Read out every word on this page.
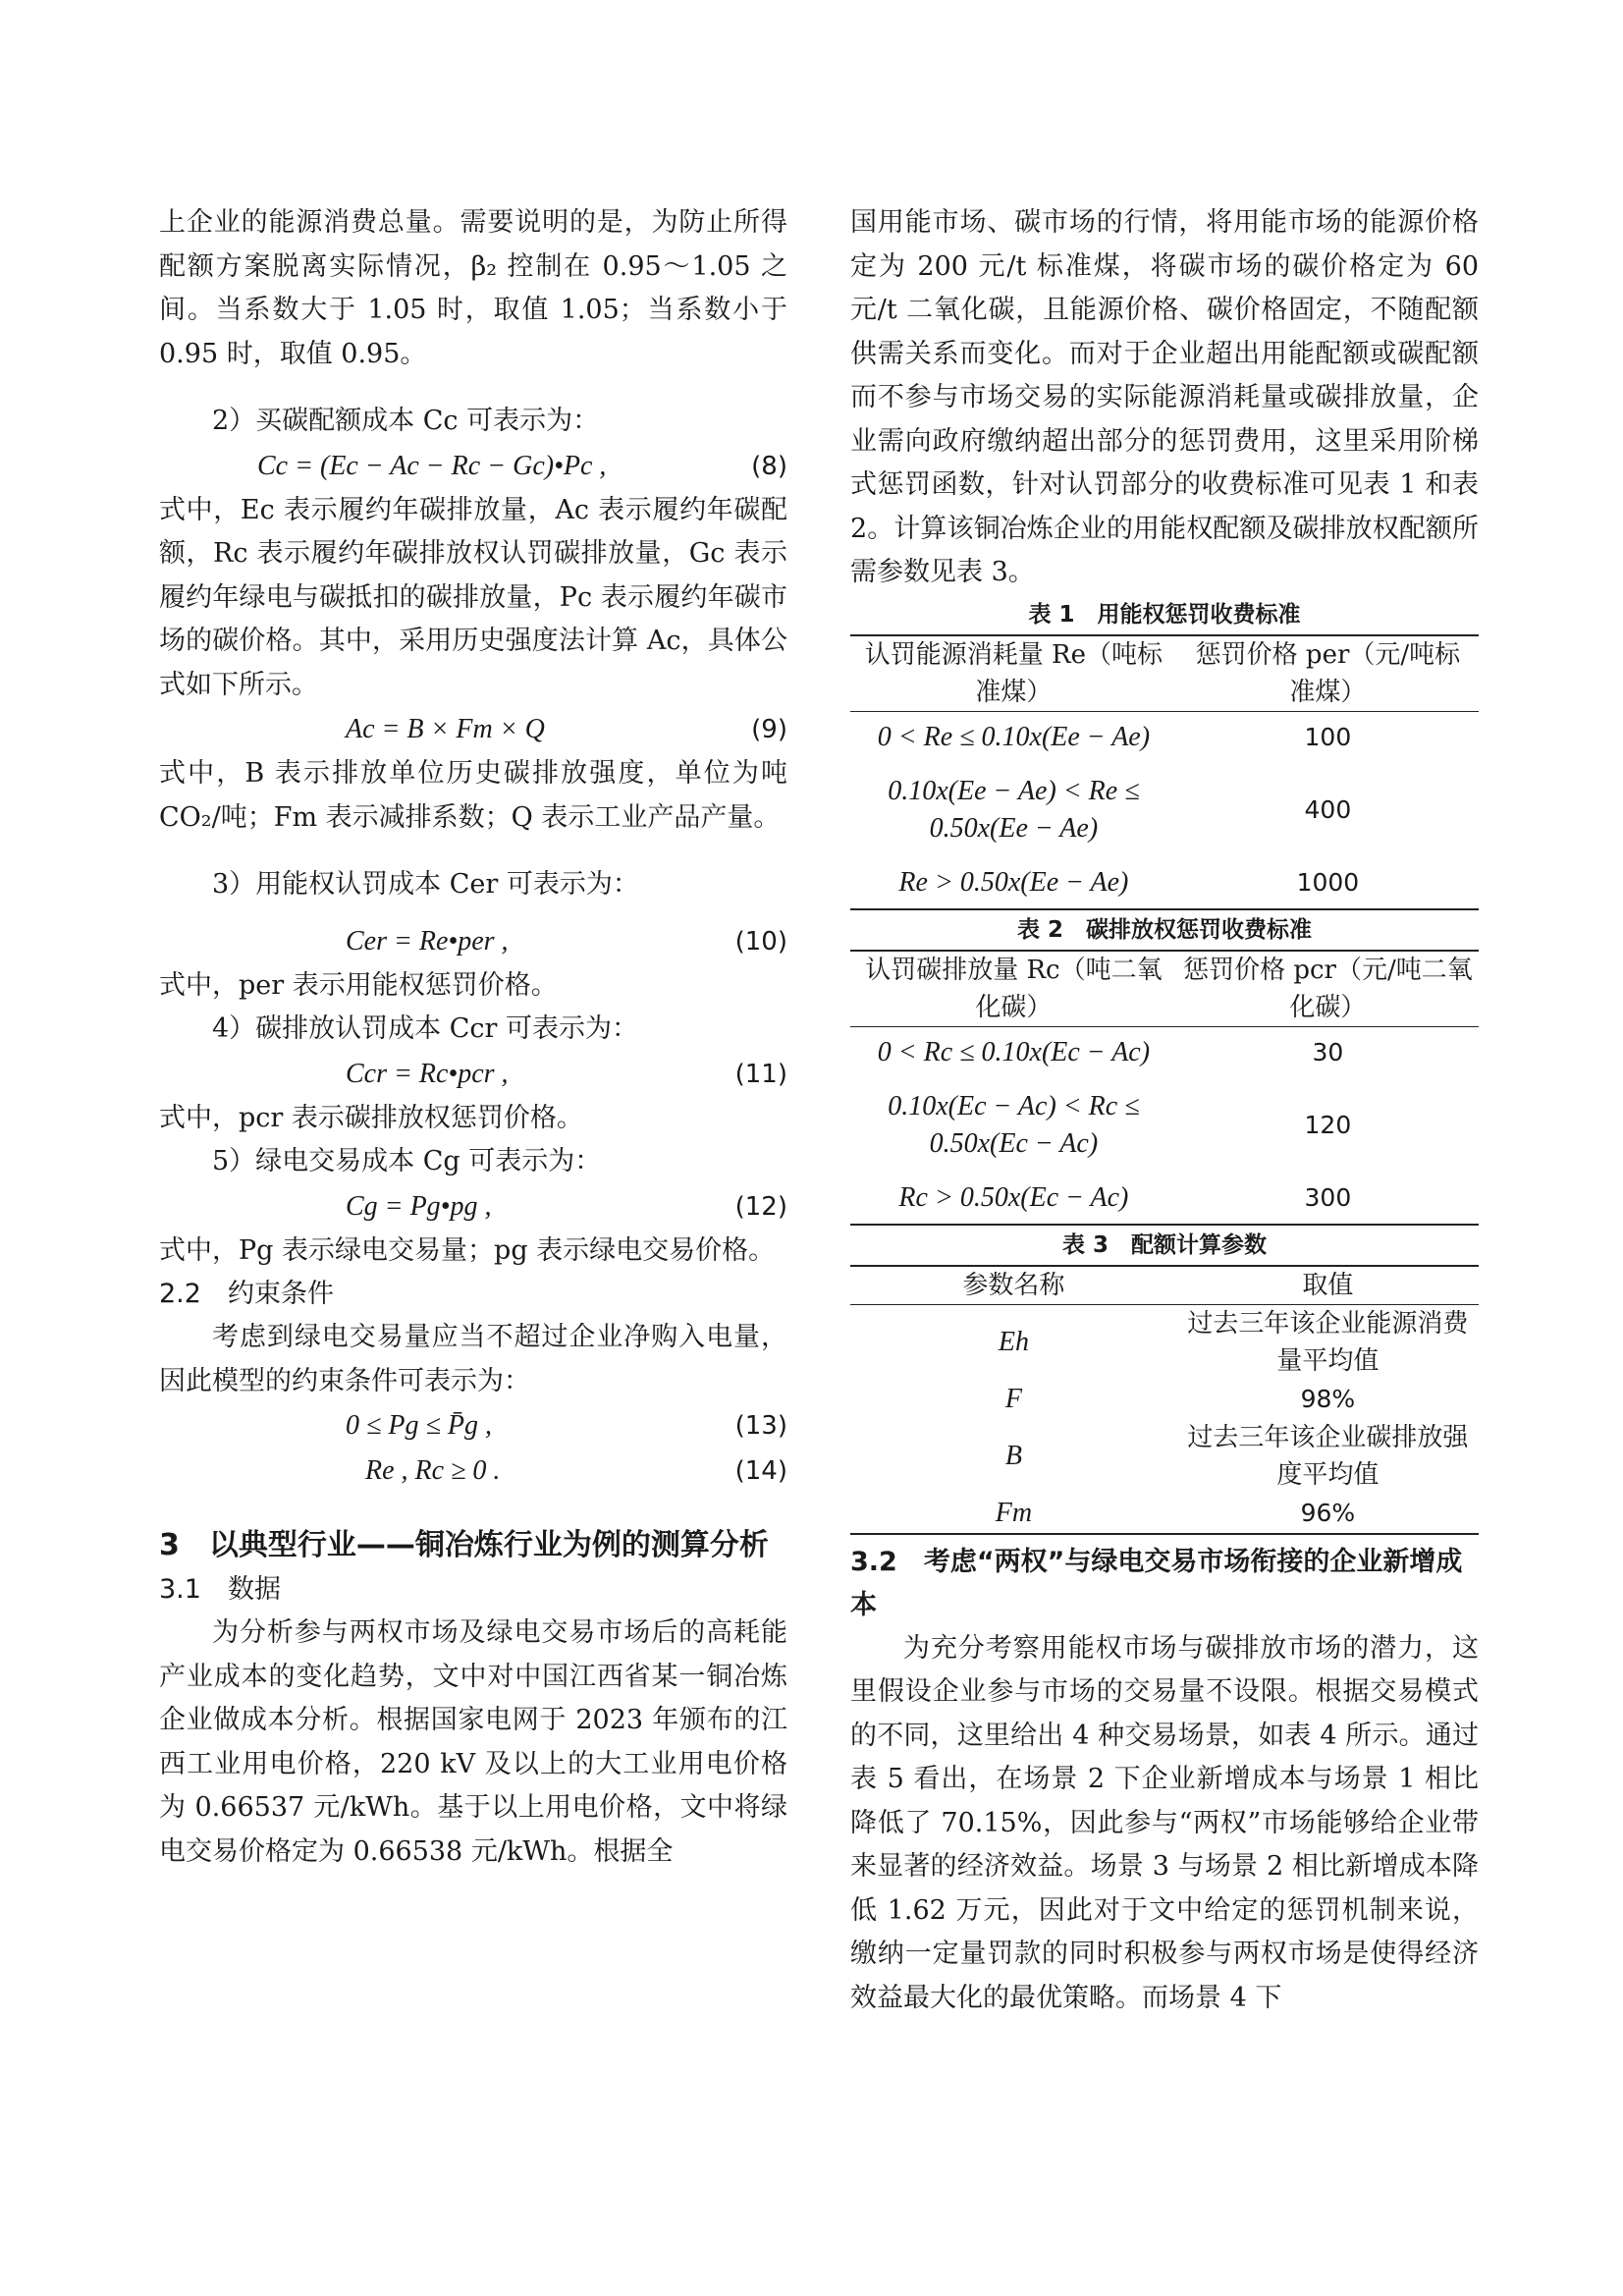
上企业的能源消费总量。需要说明的是，为防止所得配额方案脱离实际情况，β₂ 控制在 0.95～1.05 之间。当系数大于 1.05 时，取值 1.05；当系数小于 0.95 时，取值 0.95。

2）买碳配额成本 Cc 可表示为：

Cc = (Ec − Ac − Rc − Gc)•Pc ,	(8)

式中，Ec 表示履约年碳排放量，Ac 表示履约年碳配额，Rc 表示履约年碳排放权认罚碳排放量，Gc 表示履约年绿电与碳抵扣的碳排放量，Pc 表示履约年碳市场的碳价格。其中，采用历史强度法计算 Ac，具体公式如下所示。

Ac = B × Fm × Q	(9)

式中，B 表示排放单位历史碳排放强度，单位为吨 CO₂/吨；Fm 表示减排系数；Q 表示工业产品产量。

3）用能权认罚成本 Cer 可表示为：

Cer = Re•per ,	(10)

式中，per 表示用能权惩罚价格。

4）碳排放认罚成本 Ccr 可表示为：

Ccr = Rc•pcr ,	(11)

式中，pcr 表示碳排放权惩罚价格。

5）绿电交易成本 Cg 可表示为：

Cg = Pg•pg ,	(12)

式中，Pg 表示绿电交易量；pg 表示绿电交易价格。

2.2　约束条件

考虑到绿电交易量应当不超过企业净购入电量，因此模型的约束条件可表示为：

0 ≤ Pg ≤ P̄g ,	(13)
Re , Rc ≥ 0 .	(14)

3　以典型行业——铜冶炼行业为例的测算分析

3.1　数据

为分析参与两权市场及绿电交易市场后的高耗能产业成本的变化趋势，文中对中国江西省某一铜冶炼企业做成本分析。根据国家电网于 2023 年颁布的江西工业用电价格，220 kV 及以上的大工业用电价格为 0.66537 元/kWh。基于以上用电价格，文中将绿电交易价格定为 0.66538 元/kWh。根据全

国用能市场、碳市场的行情，将用能市场的能源价格定为 200 元/t 标准煤，将碳市场的碳价格定为 60 元/t 二氧化碳，且能源价格、碳价格固定，不随配额供需关系而变化。而对于企业超出用能配额或碳配额而不参与市场交易的实际能源消耗量或碳排放量，企业需向政府缴纳超出部分的惩罚费用，这里采用阶梯式惩罚函数，针对认罚部分的收费标准可见表 1 和表 2。计算该铜冶炼企业的用能权配额及碳排放权配额所需参数见表 3。

表 1　用能权惩罚收费标准
认罚能源消耗量 Re（吨标准煤）	惩罚价格 per（元/吨标准煤）
0 < Re ≤ 0.10x(Ee − Ae)	100
0.10x(Ee − Ae) < Re ≤ 0.50x(Ee − Ae)	400
Re > 0.50x(Ee − Ae)	1000
表 2　碳排放权惩罚收费标准
认罚碳排放量 Rc（吨二氧化碳）	惩罚价格 pcr（元/吨二氧化碳）
0 < Rc ≤ 0.10x(Ec − Ac)	30
0.10x(Ec − Ac) < Rc ≤ 0.50x(Ec − Ac)	120
Rc > 0.50x(Ec − Ac)	300
表 3　配额计算参数
参数名称	取值
Eh	过去三年该企业能源消费量平均值
F	98%
B	过去三年该企业碳排放强度平均值
Fm	96%

3.2　考虑“两权”与绿电交易市场衔接的企业新增成本

为充分考察用能权市场与碳排放市场的潜力，这里假设企业参与市场的交易量不设限。根据交易模式的不同，这里给出 4 种交易场景，如表 4 所示。通过表 5 看出，在场景 2 下企业新增成本与场景 1 相比降低了 70.15%，因此参与“两权”市场能够给企业带来显著的经济效益。场景 3 与场景 2 相比新增成本降低 1.62 万元，因此对于文中给定的惩罚机制来说，缴纳一定量罚款的同时积极参与两权市场是使得经济效益最大化的最优策略。而场景 4 下
